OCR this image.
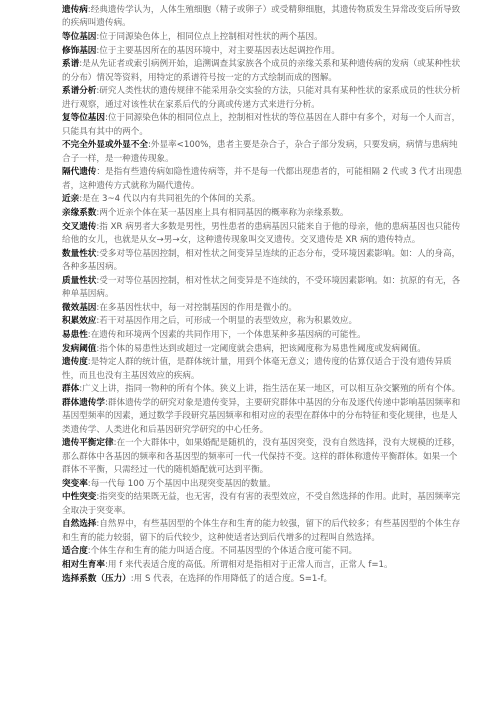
遗传病:经典遗传学认为，人体生殖细胞（精子或卵子）或受精卵细胞，其遗传物质发生异常改变后所导致的疾病叫遗传病。

等位基因:位于同源染色体上，相同位点上控制相对性状的两个基因。

修饰基因:位于主要基因所在的基因环境中，对主要基因表达起调控作用。

系谱:是从先证者或索引病例开始，追溯调查其家族各个成员的亲缘关系和某种遗传病的发病（或某种性状的分布）情况等资料，用特定的系谱符号按一定的方式绘制而成的图解。

系谱分析:研究人类性状的遗传规律不能采用杂交实验的方法，只能对具有某种性状的家系成员的性状分析进行观察，通过对该性状在家系后代的分离或传递方式来进行分析。

复等位基因:位于同源染色体的相同位点上，控制相对性状的等位基因在人群中有多个，对每一个人而言，只能具有其中的两个。

不完全外显或外显不全:外显率<100%，患者主要是杂合子，杂合子部分发病，只要发病，病情与患病纯合子一样，是一种遗传现象。

隔代遗传：是指有些遗传病如隐性遗传病等，并不是每一代都出现患者的，可能相隔 2 代或 3 代才出现患者，这种遗传方式就称为隔代遗传。

近亲:是在 3~4 代以内有共同祖先的个体间的关系。

亲缘系数:两个近亲个体在某一基因座上具有相同基因的概率称为亲缘系数。

交叉遗传:指 XR 病男者大多数是男性，男性患者的患病基因只能来自于他的母亲，他的患病基因也只能传给他的女儿，也就是从女→男→女，这种遗传现象叫交叉遗传。交叉遗传是 XR 病的遗传特点。

数量性状:受多对等位基因控制，相对性状之间变异呈连续的正态分布，受环境因素影响。如：人的身高，各种多基因病。

质量性状:受一对等位基因控制，相对性状之间变异是不连续的，不受环境因素影响。如：抗原的有无，各种单基因病。

微效基因:在多基因性状中，每一对控制基因的作用是微小的。

积累效应:若干对基因作用之后，可形成一个明显的表型效应，称为积累效应。

易患性:在遗传和环境两个因素的共同作用下，一个体患某种多基因病的可能性。

发病阈值:指个体的易患性达到或超过一定阈度就会患病，把该阈度称为易患性阈度或发病阈值。

遗传度:是特定人群的统计值，是群体统计量，用到个体毫无意义；遗传度的估算仅适合于没有遗传异质性，而且也没有主基因效应的疾病。

群体:广义上讲，指同一物种的所有个体。狭义上讲，指生活在某一地区，可以相互杂交繁殖的所有个体。

群体遗传学:群体遗传学的研究对象是遗传变异，主要研究群体中基因的分布及逐代传递中影响基因频率和基因型频率的因素，通过数学手段研究基因频率和相对应的表型在群体中的分布特征和变化规律，也是人类遗传学、人类进化和后基因研究学研究的中心任务。

遗传平衡定律:在一个大群体中，如果婚配是随机的，没有基因突变，没有自然选择，没有大规模的迁移，那么群体中各基因的频率和各基因型的频率可一代一代保持不变。这样的群体称遗传平衡群体。如果一个群体不平衡，只需经过一代的随机婚配就可达到平衡。

突变率:每一代每 100 万个基因中出现突变基因的数量。

中性突变:指突变的结果既无益，也无害，没有有害的表型效应，不受自然选择的作用。此时，基因频率完全取决于突变率。

自然选择:自然界中，有些基因型的个体生存和生育的能力较强，留下的后代较多；有些基因型的个体生存和生育的能力较弱，留下的后代较少，这种使适者达到后代增多的过程叫自然选择。

适合度:个体生存和生育的能力叫适合度。不同基因型的个体适合度可能不同。

相对生育率:用 f 来代表适合度的高低。所谓相对是指相对于正常人而言，正常人 f=1。

选择系数（压力）:用 S 代表，在选择的作用降低了的适合度。S=1-f。
